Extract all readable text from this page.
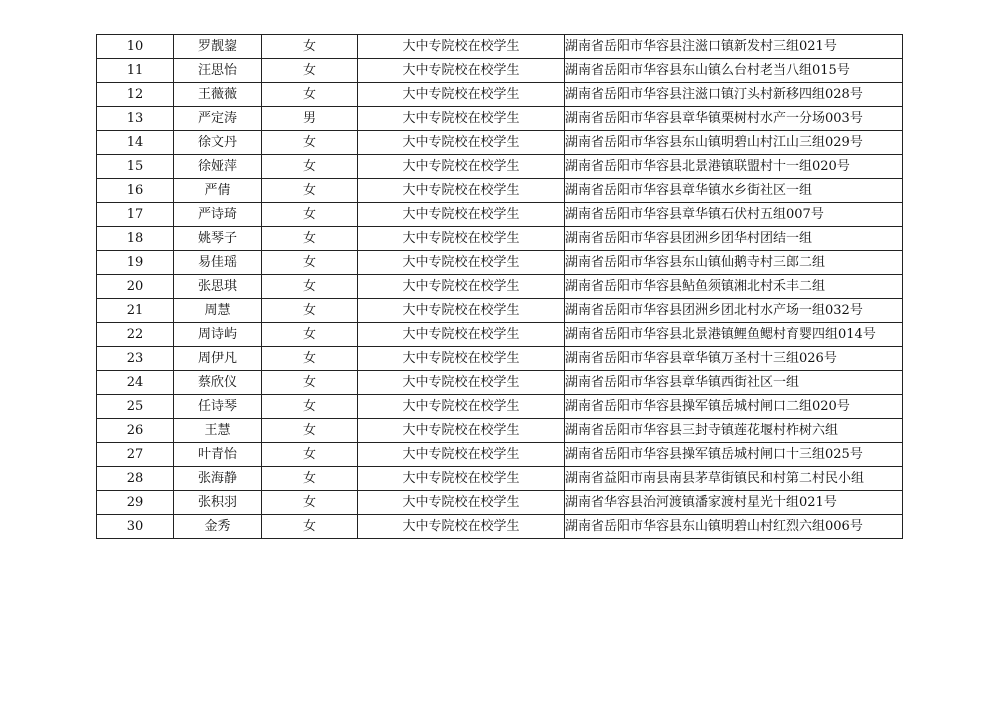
10	罗靓鋆	女	大中专院校在校学生	湖南省岳阳市华容县注滋口镇新发村三组021号
11	汪思怡	女	大中专院校在校学生	湖南省岳阳市华容县东山镇么台村老当八组015号
12	王薇薇	女	大中专院校在校学生	湖南省岳阳市华容县注滋口镇汀头村新移四组028号
13	严定涛	男	大中专院校在校学生	湖南省岳阳市华容县章华镇栗树村水产一分场003号
14	徐文丹	女	大中专院校在校学生	湖南省岳阳市华容县东山镇明碧山村江山三组029号
15	徐娅萍	女	大中专院校在校学生	湖南省岳阳市华容县北景港镇联盟村十一组020号
16	严倩	女	大中专院校在校学生	湖南省岳阳市华容县章华镇水乡街社区一组
17	严诗琦	女	大中专院校在校学生	湖南省岳阳市华容县章华镇石伏村五组007号
18	姚琴子	女	大中专院校在校学生	湖南省岳阳市华容县团洲乡团华村团结一组
19	易佳瑶	女	大中专院校在校学生	湖南省岳阳市华容县东山镇仙鹅寺村三郎二组
20	张思琪	女	大中专院校在校学生	湖南省岳阳市华容县鲇鱼须镇湘北村禾丰二组
21	周慧	女	大中专院校在校学生	湖南省岳阳市华容县团洲乡团北村水产场一组032号
22	周诗屿	女	大中专院校在校学生	湖南省岳阳市华容县北景港镇鲤鱼鳃村育婴四组014号
23	周伊凡	女	大中专院校在校学生	湖南省岳阳市华容县章华镇万圣村十三组026号
24	蔡欣仪	女	大中专院校在校学生	湖南省岳阳市华容县章华镇西街社区一组
25	任诗琴	女	大中专院校在校学生	湖南省岳阳市华容县操军镇岳城村闸口二组020号
26	王慧	女	大中专院校在校学生	湖南省岳阳市华容县三封寺镇莲花堰村柞树六组
27	叶青怡	女	大中专院校在校学生	湖南省岳阳市华容县操军镇岳城村闸口十三组025号
28	张海静	女	大中专院校在校学生	湖南省益阳市南县南县茅草街镇民和村第二村民小组
29	张积羽	女	大中专院校在校学生	湖南省华容县治河渡镇潘家渡村星光十组021号
30	金秀	女	大中专院校在校学生	湖南省岳阳市华容县东山镇明碧山村红烈六组006号
